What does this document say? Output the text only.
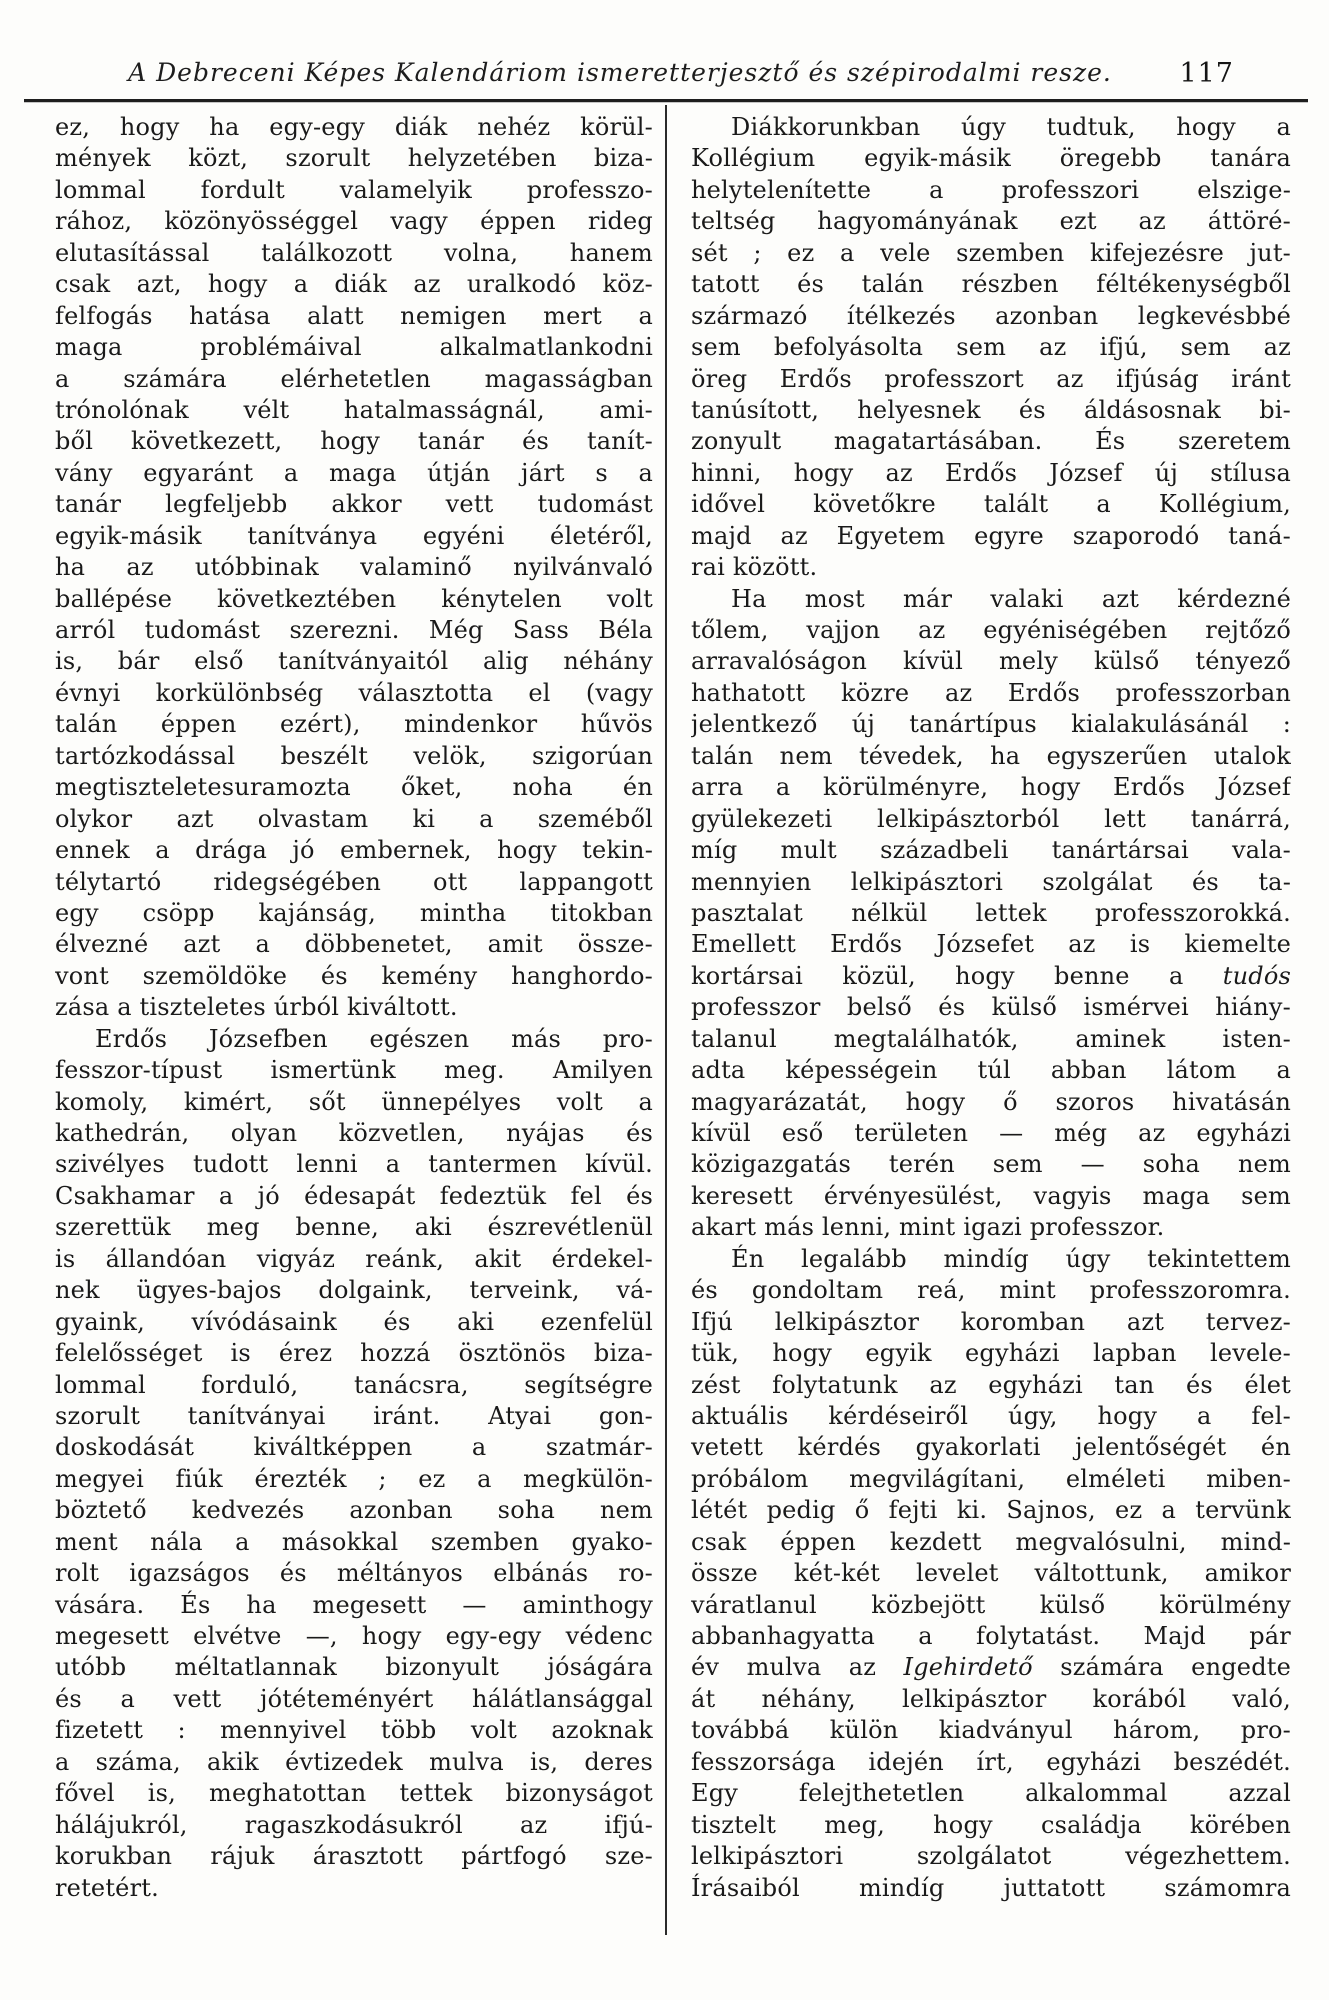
A Debreceni Képes Kalendáriom ismeretterjesztő és szépirodalmi resze.	117
ez, hogy ha egy-egy diák nehéz körül-
mények közt, szorult helyzetében biza-
lommal fordult valamelyik professzo-
rához, közönyösséggel vagy éppen rideg
elutasítással találkozott volna, hanem
csak azt, hogy a diák az uralkodó köz-
felfogás hatása alatt nemigen mert a
maga problémáival alkalmatlankodni
a számára elérhetetlen magasságban
trónolónak vélt hatalmasságnál, ami-
ből következett, hogy tanár és tanít-
vány egyaránt a maga útján járt s a
tanár legfeljebb akkor vett tudomást
egyik-másik tanítványa egyéni életéről,
ha az utóbbinak valaminő nyilvánvaló
ballépése következtében kénytelen volt
arról tudomást szerezni. Még Sass Béla
is, bár első tanítványaitól alig néhány
évnyi korkülönbség választotta el (vagy
talán éppen ezért), mindenkor hűvös
tartózkodással beszélt velök, szigorúan
megtiszteletesuramozta őket, noha én
olykor azt olvastam ki a szeméből
ennek a drága jó embernek, hogy tekin-
télytartó ridegségében ott lappangott
egy csöpp kajánság, mintha titokban
élvezné azt a döbbenetet, amit össze-
vont szemöldöke és kemény hanghordo-
zása a tiszteletes úrból kiváltott.
Erdős Józsefben egészen más pro-
fesszor-típust ismertünk meg. Amilyen
komoly, kimért, sőt ünnepélyes volt a
kathedrán, olyan közvetlen, nyájas és
szivélyes tudott lenni a tantermen kívül.
Csakhamar a jó édesapát fedeztük fel és
szerettük meg benne, aki észrevétlenül
is állandóan vigyáz reánk, akit érdekel-
nek ügyes-bajos dolgaink, terveink, vá-
gyaink, vívódásaink és aki ezenfelül
felelősséget is érez hozzá ösztönös biza-
lommal forduló, tanácsra, segítségre
szorult tanítványai iránt. Atyai gon-
doskodását kiváltképpen a szatmár-
megyei fiúk érezték ; ez a megkülön-
böztető kedvezés azonban soha nem
ment nála a másokkal szemben gyako-
rolt igazságos és méltányos elbánás ro-
vására. És ha megesett — aminthogy
megesett elvétve —, hogy egy-egy védenc
utóbb méltatlannak bizonyult jóságára
és a vett jótéteményért hálátlansággal
fizetett : mennyivel több volt azoknak
a száma, akik évtizedek mulva is, deres
fővel is, meghatottan tettek bizonyságot
hálájukról, ragaszkodásukról az ifjú-
korukban rájuk árasztott pártfogó sze-
retetért.
Diákkorunkban úgy tudtuk, hogy a
Kollégium egyik-másik öregebb tanára
helytelenítette a professzori elszige-
teltség hagyományának ezt az áttöré-
sét ; ez a vele szemben kifejezésre jut-
tatott és talán részben féltékenységből
származó ítélkezés azonban legkevésbbé
sem befolyásolta sem az ifjú, sem az
öreg Erdős professzort az ifjúság iránt
tanúsított, helyesnek és áldásosnak bi-
zonyult magatartásában. És szeretem
hinni, hogy az Erdős József új stílusa
idővel követőkre talált a Kollégium,
majd az Egyetem egyre szaporodó taná-
rai között.
Ha most már valaki azt kérdezné
tőlem, vajjon az egyéniségében rejtőző
arravalóságon kívül mely külső tényező
hathatott közre az Erdős professzorban
jelentkező új tanártípus kialakulásánál :
talán nem tévedek, ha egyszerűen utalok
arra a körülményre, hogy Erdős József
gyülekezeti lelkipásztorból lett tanárrá,
míg mult századbeli tanártársai vala-
mennyien lelkipásztori szolgálat és ta-
pasztalat nélkül lettek professzorokká.
Emellett Erdős Józsefet az is kiemelte
kortársai közül, hogy benne a tudós
professzor belső és külső ismérvei hiány-
talanul megtalálhatók, aminek isten-
adta képességein túl abban látom a
magyarázatát, hogy ő szoros hivatásán
kívül eső területen — még az egyházi
közigazgatás terén sem — soha nem
keresett érvényesülést, vagyis maga sem
akart más lenni, mint igazi professzor.
Én legalább mindíg úgy tekintettem
és gondoltam reá, mint professzoromra.
Ifjú lelkipásztor koromban azt tervez-
tük, hogy egyik egyházi lapban levele-
zést folytatunk az egyházi tan és élet
aktuális kérdéseiről úgy, hogy a fel-
vetett kérdés gyakorlati jelentőségét én
próbálom megvilágítani, elméleti miben-
létét pedig ő fejti ki. Sajnos, ez a tervünk
csak éppen kezdett megvalósulni, mind-
össze két-két levelet váltottunk, amikor
váratlanul közbejött külső körülmény
abbanhagyatta a folytatást. Majd pár
év mulva az Igehirdető számára engedte
át néhány, lelkipásztor korából való,
továbbá külön kiadványul három, pro-
fesszorsága idején írt, egyházi beszédét.
Egy felejthetetlen alkalommal azzal
tisztelt meg, hogy családja körében
lelkipásztori szolgálatot végezhettem.
Írásaiból mindíg juttatott számomra
